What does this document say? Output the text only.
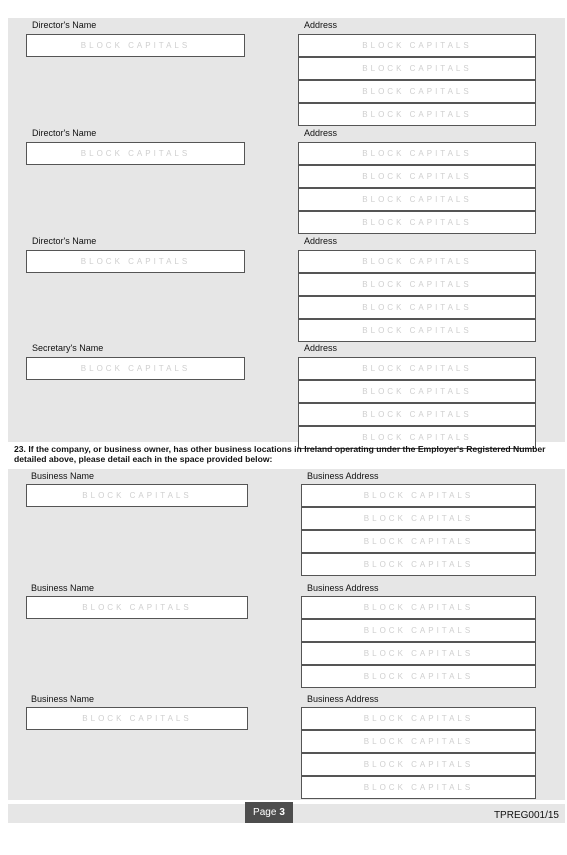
Director's Name	Address
BLOCK CAPITALS	BLOCK CAPITALS
BLOCK CAPITALS
BLOCK CAPITALS
BLOCK CAPITALS
Director's Name	Address
BLOCK CAPITALS	BLOCK CAPITALS
BLOCK CAPITALS
BLOCK CAPITALS
BLOCK CAPITALS
Director's Name	Address
BLOCK CAPITALS	BLOCK CAPITALS
BLOCK CAPITALS
BLOCK CAPITALS
BLOCK CAPITALS
Secretary's Name	Address
BLOCK CAPITALS	BLOCK CAPITALS
BLOCK CAPITALS
BLOCK CAPITALS
BLOCK CAPITALS
Business Name	Business Address
BLOCK CAPITALS	BLOCK CAPITALS
BLOCK CAPITALS
BLOCK CAPITALS
BLOCK CAPITALS
Business Name	Business Address
BLOCK CAPITALS	BLOCK CAPITALS
BLOCK CAPITALS
BLOCK CAPITALS
BLOCK CAPITALS
Business Name	Business Address
BLOCK CAPITALS	BLOCK CAPITALS
BLOCK CAPITALS
BLOCK CAPITALS
BLOCK CAPITALS
23. If the company, or business owner, has other business locations in Ireland operating under the Employer's Registered Number detailed above, please detail each in the space provided below:
Page 3	TPREG001/15
